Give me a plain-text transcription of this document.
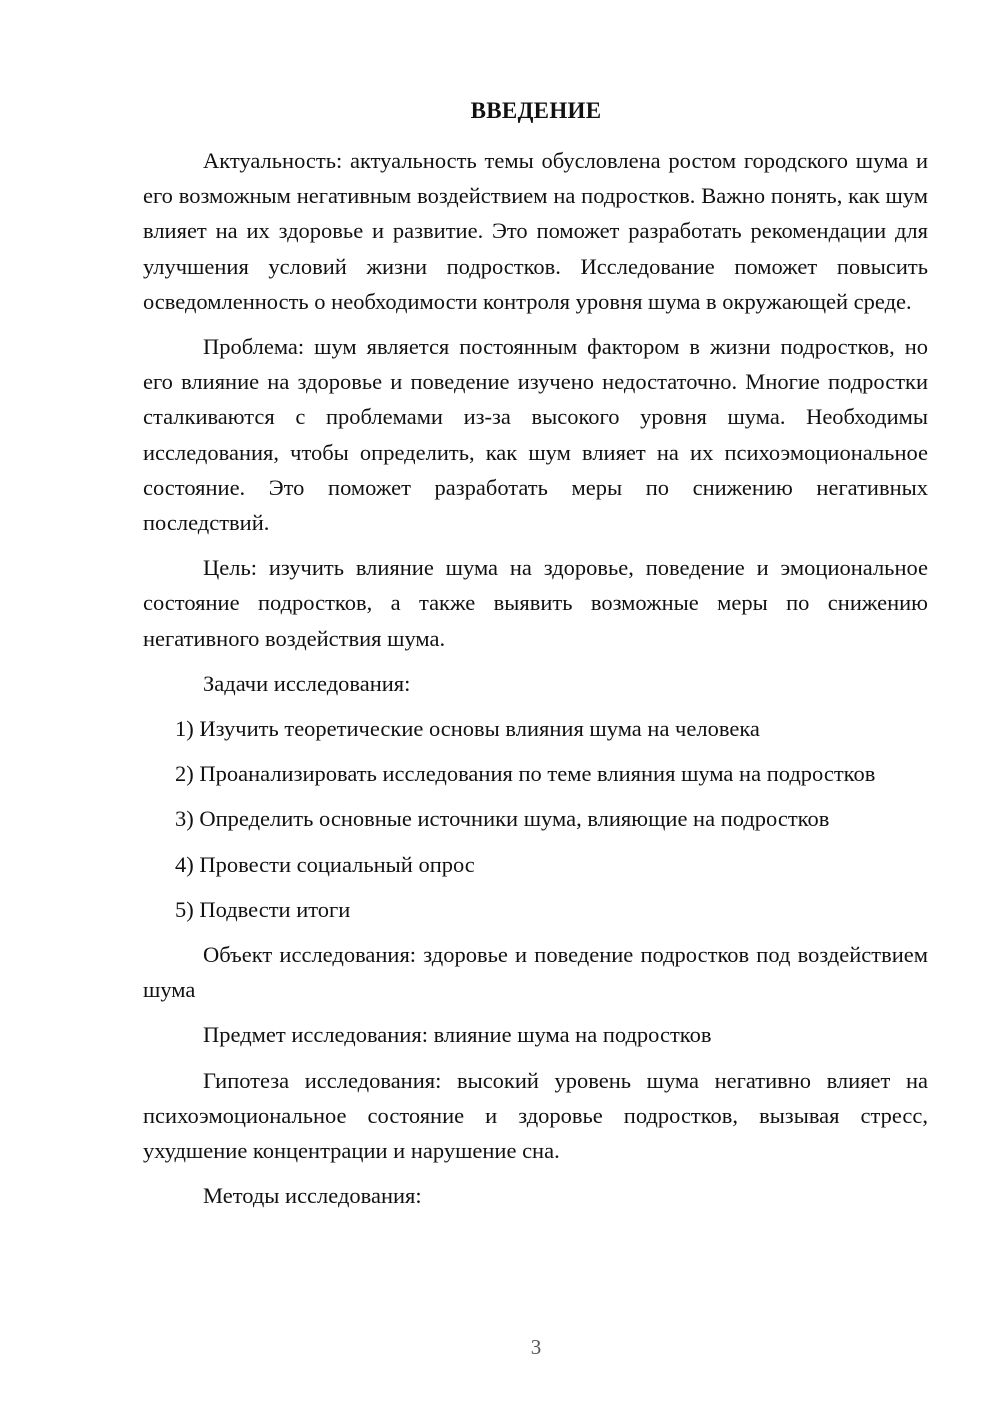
ВВЕДЕНИЕ
Актуальность: актуальность темы обусловлена ростом городского шума и его возможным негативным воздействием на подростков. Важно понять, как шум влияет на их здоровье и развитие. Это поможет разработать рекомендации для улучшения условий жизни подростков. Исследование поможет повысить осведомленность о необходимости контроля уровня шума в окружающей среде.
Проблема: шум является постоянным фактором в жизни подростков, но его влияние на здоровье и поведение изучено недостаточно. Многие подростки сталкиваются с проблемами из-за высокого уровня шума. Необходимы исследования, чтобы определить, как шум влияет на их психоэмоциональное состояние. Это поможет разработать меры по снижению негативных последствий.
Цель: изучить влияние шума на здоровье, поведение и эмоциональное состояние подростков, а также выявить возможные меры по снижению негативного воздействия шума.
Задачи исследования:
1) Изучить теоретические основы влияния шума на человека
2) Проанализировать исследования по теме влияния шума на подростков
3) Определить основные источники шума, влияющие на подростков
4) Провести социальный опрос
5) Подвести итоги
Объект исследования: здоровье и поведение подростков под воздействием шума
Предмет исследования: влияние шума на подростков
Гипотеза исследования: высокий уровень шума негативно влияет на психоэмоциональное состояние и здоровье подростков, вызывая стресс, ухудшение концентрации и нарушение сна.
Методы исследования:
3
